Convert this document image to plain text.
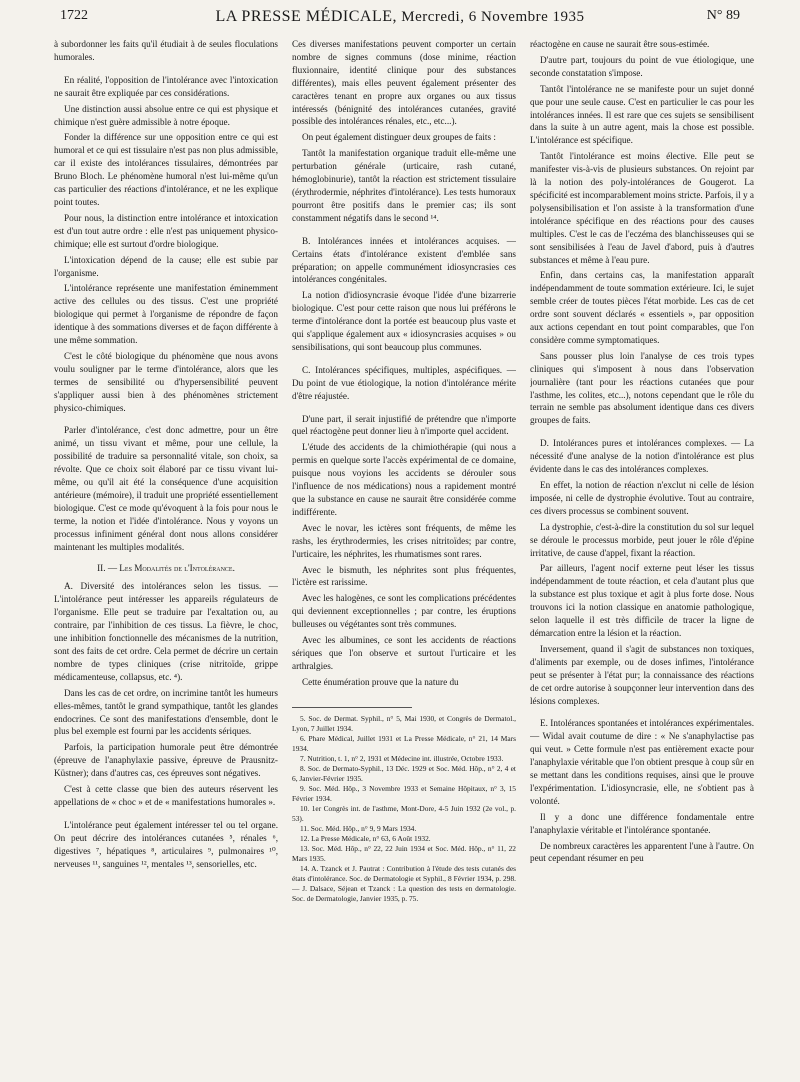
1722	LA PRESSE MÉDICALE, Mercredi, 6 Novembre 1935	N° 89

à subordonner les faits qu'il étudiait à de seules floculations humorales.

En réalité, l'opposition de l'intolérance avec l'intoxication ne saurait être expliquée par ces considérations.

Une distinction aussi absolue entre ce qui est physique et chimique n'est guère admissible à notre époque.

Fonder la différence sur une opposition entre ce qui est humoral et ce qui est tissulaire n'est pas non plus admissible, car il existe des intolérances tissulaires, démontrées par Bruno Bloch. Le phénomène humoral n'est lui-même qu'un cas particulier des réactions d'intolérance, et ne les explique point toutes.

Pour nous, la distinction entre intolérance et intoxication est d'un tout autre ordre : elle n'est pas uniquement physico-chimique; elle est surtout d'ordre biologique.

L'intoxication dépend de la cause; elle est subie par l'organisme.

L'intolérance représente une manifestation éminemment active des cellules ou des tissus. C'est une propriété biologique qui permet à l'organisme de répondre de façon identique à des sommations diverses et de façon différente à une même sommation.

C'est le côté biologique du phénomène que nous avons voulu souligner par le terme d'intolérance, alors que les termes de sensibilité ou d'hypersensibilité peuvent s'appliquer aussi bien à des phénomènes strictement physico-chimiques.

Parler d'intolérance, c'est donc admettre, pour un être animé, un tissu vivant et même, pour une cellule, la possibilité de traduire sa personnalité vitale, son choix, sa révolte. Que ce choix soit élaboré par ce tissu vivant lui-même, ou qu'il ait été la conséquence d'une acquisition antérieure (mémoire), il traduit une propriété essentiellement biologique. C'est ce mode qu'évoquent à la fois pour nous le terme, la notion et l'idée d'intolérance. Nous y voyons un processus infiniment général dont nous allons considérer maintenant les multiples modalités.

II. — Les Modalités de l'Intolérance.

A. Diversité des intolérances selon les tissus. — L'intolérance peut intéresser les appareils régulateurs de l'organisme. Elle peut se traduire par l'exaltation ou, au contraire, par l'inhibition de ces tissus. La fièvre, le choc, une inhibition fonctionnelle des mécanismes de la nutrition, sont des faits de cet ordre. Cela permet de décrire un certain nombre de types cliniques (crise nitritoïde, grippe médicamenteuse, collapsus, etc. ⁴).

Dans les cas de cet ordre, on incrimine tantôt les humeurs elles-mêmes, tantôt le grand sympathique, tantôt les glandes endocrines. Ce sont des manifestations d'ensemble, dont le plus bel exemple est fourni par les accidents sériques.

Parfois, la participation humorale peut être démontrée (épreuve de l'anaphylaxie passive, épreuve de Prausnitz-Küstner); dans d'autres cas, ces épreuves sont négatives.

C'est à cette classe que bien des auteurs réservent les appellations de « choc » et de « manifestations humorales ».

L'intolérance peut également intéresser tel ou tel organe. On peut décrire des intolérances cutanées ⁵, rénales ⁶, digestives ⁷, hépatiques ⁸, articulaires ⁹, pulmonaires ¹⁰, nerveuses ¹¹, sanguines ¹², mentales ¹³, sensorielles, etc.

Ces diverses manifestations peuvent comporter un certain nombre de signes communs (dose minime, réaction fluxionnaire, identité clinique pour des substances différentes), mais elles peuvent également présenter des caractères tenant en propre aux organes ou aux tissus intéressés (bénignité des intolérances cutanées, gravité possible des intolérances rénales, etc., etc...).

On peut également distinguer deux groupes de faits :

Tantôt la manifestation organique traduit elle-même une perturbation générale (urticaire, rash cutané, hémoglobinurie), tantôt la réaction est strictement tissulaire (érythrodermie, néphrites d'intolérance). Les tests humoraux pourront être positifs dans le premier cas; ils sont constamment négatifs dans le second ¹⁴.

B. Intolérances innées et intolérances acquises. — Certains états d'intolérance existent d'emblée sans préparation; on appelle communément idiosyncrasies ces intolérances congénitales.

La notion d'idiosyncrasie évoque l'idée d'une bizarrerie biologique. C'est pour cette raison que nous lui préférons le terme d'intolérance dont la portée est beaucoup plus vaste et qui s'applique également aux « idiosyncrasies acquises » ou sensibilisations, qui sont beaucoup plus communes.

C. Intolérances spécifiques, multiples, aspécifiques. — Du point de vue étiologique, la notion d'intolérance mérite d'être réajustée.

D'une part, il serait injustifié de prétendre que n'importe quel réactogène peut donner lieu à n'importe quel accident.

L'étude des accidents de la chimiothérapie (qui nous a permis en quelque sorte l'accès expérimental de ce domaine, puisque nous voyions les accidents se dérouler sous l'influence de nos médications) nous a rapidement montré que la substance en cause ne saurait être considérée comme indifférente.

Avec le novar, les ictères sont fréquents, de même les rashs, les érythrodermies, les crises nitritoïdes; par contre, l'urticaire, les néphrites, les rhumatismes sont rares.

Avec le bismuth, les néphrites sont plus fréquentes, l'ictère est rarissime.

Avec les halogènes, ce sont les complications précédentes qui deviennent exceptionnelles ; par contre, les éruptions bulleuses ou végétantes sont très communes.

Avec les albumines, ce sont les accidents de réactions sériques que l'on observe et surtout l'urticaire et les arthralgies.

Cette énumération prouve que la nature du

5. Soc. de Dermat. Syphil., n° 5, Mai 1930, et Congrès de Dermatol., Lyon, 7 Juillet 1934.

6. Phare Médical, Juillet 1931 et La Presse Médicale, n° 21, 14 Mars 1934.

7. Nutrition, t. 1, n° 2, 1931 et Médecine int. illustrée, Octobre 1933.

8. Soc. de Dermato-Syphil., 13 Déc. 1929 et Soc. Méd. Hôp., n° 2, 4 et 6, Janvier-Février 1935.

9. Soc. Méd. Hôp., 3 Novembre 1933 et Semaine Hôpitaux, n° 3, 15 Février 1934.

10. 1er Congrès int. de l'asthme, Mont-Dore, 4-5 Juin 1932 (2e vol., p. 53).

11. Soc. Méd. Hôp., n° 9, 9 Mars 1934.

12. La Presse Médicale, n° 63, 6 Août 1932.

13. Soc. Méd. Hôp., n° 22, 22 Juin 1934 et Soc. Méd. Hôp., n° 11, 22 Mars 1935.

14. A. Tzanck et J. Pautrat : Contribution à l'étude des tests cutanés des états d'intolérance. Soc. de Dermatologie et Syphil., 8 Février 1934, p. 298. — J. Dalsace, Séjean et Tzanck : La question des tests en dermatologie. Soc. de Dermatologie, Janvier 1935, p. 75.

réactogène en cause ne saurait être sous-estimée.

D'autre part, toujours du point de vue étiologique, une seconde constatation s'impose.

Tantôt l'intolérance ne se manifeste pour un sujet donné que pour une seule cause. C'est en particulier le cas pour les intolérances innées. Il est rare que ces sujets se sensibilisent dans la suite à un autre agent, mais la chose est possible. L'intolérance est spécifique.

Tantôt l'intolérance est moins élective. Elle peut se manifester vis-à-vis de plusieurs substances. On rejoint par là la notion des poly-intolérances de Gougerot. La spécificité est incomparablement moins stricte. Parfois, il y a polysensibilisation et l'on assiste à la transformation d'une intolérance spécifique en des réactions pour des causes multiples. C'est le cas de l'eczéma des blanchisseuses qui se sont sensibilisées à l'eau de Javel d'abord, puis à d'autres substances et même à l'eau pure.

Enfin, dans certains cas, la manifestation apparaît indépendamment de toute sommation extérieure. Ici, le sujet semble créer de toutes pièces l'état morbide. Les cas de cet ordre sont souvent déclarés « essentiels », par opposition aux actions cependant en tout point comparables, que l'on considère comme symptomatiques.

Sans pousser plus loin l'analyse de ces trois types cliniques qui s'imposent à nous dans l'observation journalière (tant pour les réactions cutanées que pour l'asthme, les colites, etc...), notons cependant que le rôle du terrain ne semble pas absolument identique dans ces divers groupes de faits.

D. Intolérances pures et intolérances complexes. — La nécessité d'une analyse de la notion d'intolérance est plus évidente dans le cas des intolérances complexes.

En effet, la notion de réaction n'exclut ni celle de lésion imposée, ni celle de dystrophie évolutive. Tout au contraire, ces divers processus se combinent souvent.

La dystrophie, c'est-à-dire la constitution du sol sur lequel se déroule le processus morbide, peut jouer le rôle d'épine irritative, de cause d'appel, fixant la réaction.

Par ailleurs, l'agent nocif externe peut léser les tissus indépendamment de toute réaction, et cela d'autant plus que la substance est plus toxique et agit à plus forte dose. Nous trouvons ici la notion classique en anatomie pathologique, selon laquelle il est très difficile de tracer la ligne de démarcation entre la lésion et la réaction.

Inversement, quand il s'agit de substances non toxiques, d'aliments par exemple, ou de doses infimes, l'intolérance peut se présenter à l'état pur; la connaissance des réactions de cet ordre autorise à soupçonner leur intervention dans des lésions complexes.

E. Intolérances spontanées et intolérances expérimentales. — Widal avait coutume de dire : « Ne s'anaphylactise pas qui veut. » Cette formule n'est pas entièrement exacte pour l'anaphylaxie véritable que l'on obtient presque à coup sûr en se mettant dans les conditions requises, ainsi que le prouve l'expérimentation. L'idiosyncrasie, elle, ne s'obtient pas à volonté.

Il y a donc une différence fondamentale entre l'anaphylaxie véritable et l'intolérance spontanée.

De nombreux caractères les apparentent l'une à l'autre. On peut cependant résumer en peu
